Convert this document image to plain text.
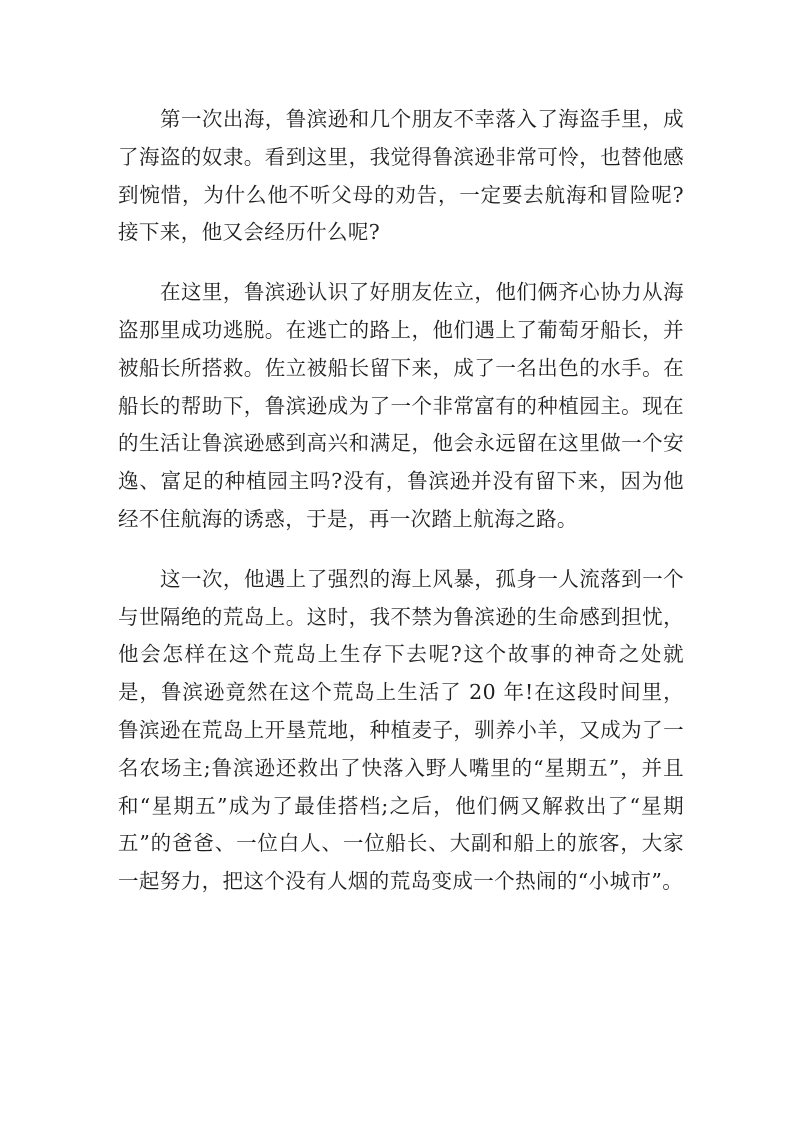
第一次出海，鲁滨逊和几个朋友不幸落入了海盗手里，成了海盗的奴隶。看到这里，我觉得鲁滨逊非常可怜，也替他感到惋惜，为什么他不听父母的劝告，一定要去航海和冒险呢?接下来，他又会经历什么呢?

在这里，鲁滨逊认识了好朋友佐立，他们俩齐心协力从海盗那里成功逃脱。在逃亡的路上，他们遇上了葡萄牙船长，并被船长所搭救。佐立被船长留下来，成了一名出色的水手。在船长的帮助下，鲁滨逊成为了一个非常富有的种植园主。现在的生活让鲁滨逊感到高兴和满足，他会永远留在这里做一个安逸、富足的种植园主吗?没有，鲁滨逊并没有留下来，因为他经不住航海的诱惑，于是，再一次踏上航海之路。

这一次，他遇上了强烈的海上风暴，孤身一人流落到一个与世隔绝的荒岛上。这时，我不禁为鲁滨逊的生命感到担忧，他会怎样在这个荒岛上生存下去呢?这个故事的神奇之处就是，鲁滨逊竟然在这个荒岛上生活了 20 年!在这段时间里，鲁滨逊在荒岛上开垦荒地，种植麦子，驯养小羊，又成为了一名农场主;鲁滨逊还救出了快落入野人嘴里的“星期五”，并且和“星期五”成为了最佳搭档;之后，他们俩又解救出了“星期五”的爸爸、一位白人、一位船长、大副和船上的旅客，大家一起努力，把这个没有人烟的荒岛变成一个热闹的“小城市”。
